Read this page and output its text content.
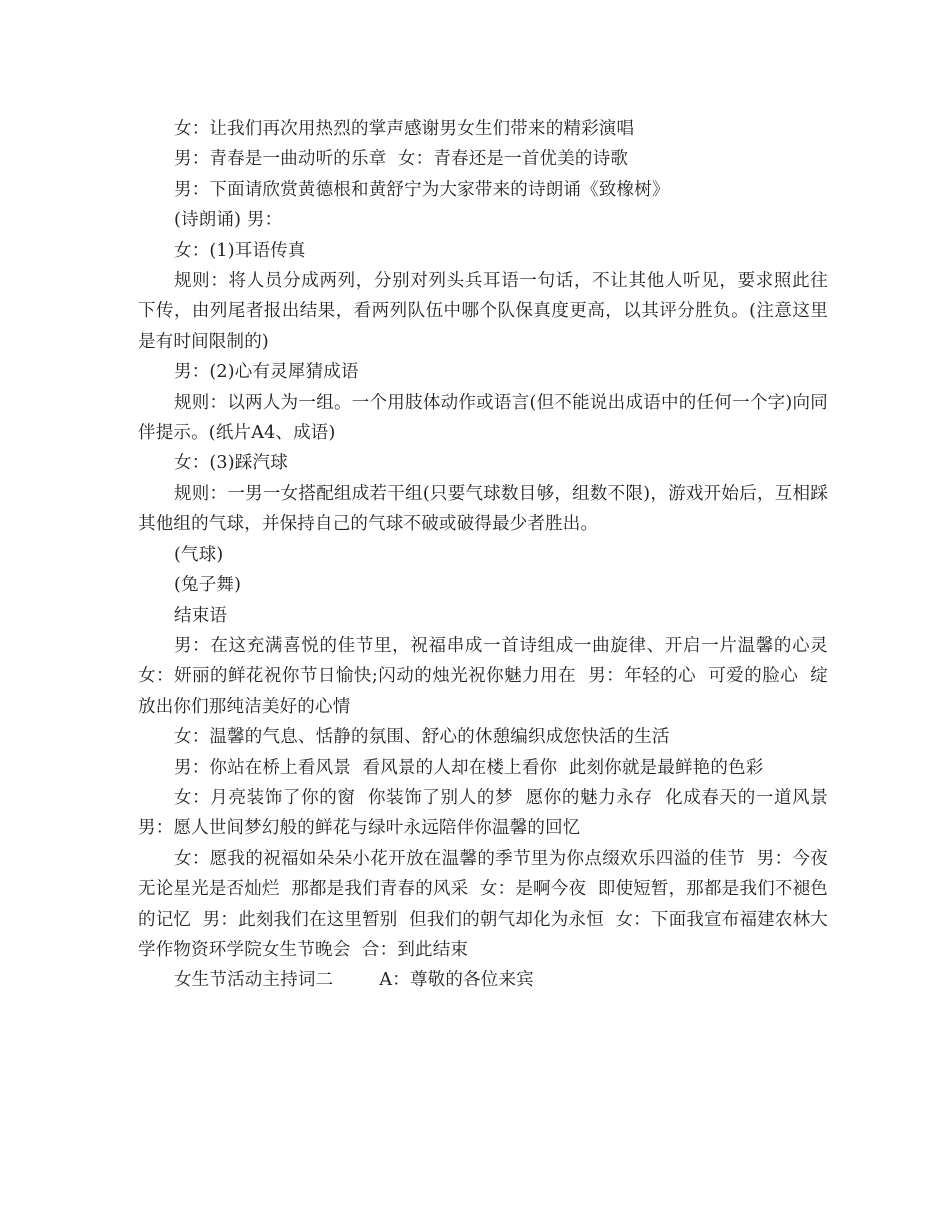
女：让我们再次用热烈的掌声感谢男女生们带来的精彩演唱

男：青春是一曲动听的乐章  女：青春还是一首优美的诗歌

男：下面请欣赏黄德根和黄舒宁为大家带来的诗朗诵《致橡树》

(诗朗诵) 男：

女：(1)耳语传真

规则：将人员分成两列，分别对列头兵耳语一句话，不让其他人听见，要求照此往下传，由列尾者报出结果，看两列队伍中哪个队保真度更高，以其评分胜负。(注意这里是有时间限制的)

男：(2)心有灵犀猜成语

规则：以两人为一组。一个用肢体动作或语言(但不能说出成语中的任何一个字)向同伴提示。(纸片A4、成语)

女：(3)踩汽球

规则：一男一女搭配组成若干组(只要气球数目够，组数不限)，游戏开始后，互相踩其他组的气球，并保持自己的气球不破或破得最少者胜出。

(气球)

(兔子舞)

结束语

男：在这充满喜悦的佳节里，祝福串成一首诗组成一曲旋律、开启一片温馨的心灵  女：妍丽的鲜花祝你节日愉快;闪动的烛光祝你魅力用在  男：年轻的心  可爱的脸心  绽放出你们那纯洁美好的心情

女：温馨的气息、恬静的氛围、舒心的休憩编织成您快活的生活

男：你站在桥上看风景  看风景的人却在楼上看你  此刻你就是最鲜艳的色彩

女：月亮装饰了你的窗  你装饰了别人的梦  愿你的魅力永存  化成春天的一道风景  男：愿人世间梦幻般的鲜花与绿叶永远陪伴你温馨的回忆

女：愿我的祝福如朵朵小花开放在温馨的季节里为你点缀欢乐四溢的佳节  男：今夜无论星光是否灿烂  那都是我们青春的风采  女：是啊今夜  即使短暂，那都是我们不褪色的记忆  男：此刻我们在这里暂别  但我们的朝气却化为永恒  女：下面我宣布福建农林大学作物资环学院女生节晚会  合：到此结束

女生节活动主持词二        A：尊敬的各位来宾
